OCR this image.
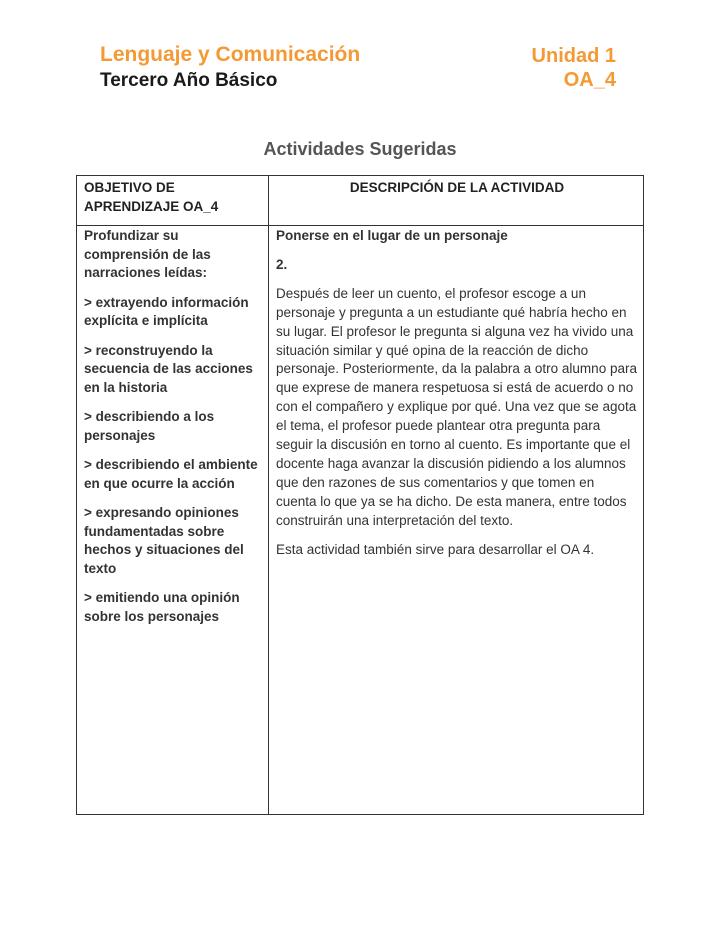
Lenguaje y Comunicación
Tercero Año Básico
Unidad 1
OA_4
Actividades Sugeridas
OBJETIVO DE APRENDIZAJE OA_4
DESCRIPCIÓN DE LA ACTIVIDAD

Profundizar su comprensión de las narraciones leídas:

> extrayendo información explícita e implícita

> reconstruyendo la secuencia de las acciones en la historia

> describiendo a los personajes

> describiendo el ambiente en que ocurre la acción

> expresando opiniones fundamentadas sobre hechos y situaciones del texto

> emitiendo una opinión sobre los personajes

Ponerse en el lugar de un personaje

2.

Después de leer un cuento, el profesor escoge a un personaje y pregunta a un estudiante qué habría hecho en su lugar. El profesor le pregunta si alguna vez ha vivido una situación similar y qué opina de la reacción de dicho personaje. Posteriormente, da la palabra a otro alumno para que exprese de manera respetuosa si está de acuerdo o no con el compañero y explique por qué. Una vez que se agota el tema, el profesor puede plantear otra pregunta para seguir la discusión en torno al cuento. Es importante que el docente haga avanzar la discusión pidiendo a los alumnos que den razones de sus comentarios y que tomen en cuenta lo que ya se ha dicho. De esta manera, entre todos construirán una interpretación del texto.

Esta actividad también sirve para desarrollar el OA 4.
